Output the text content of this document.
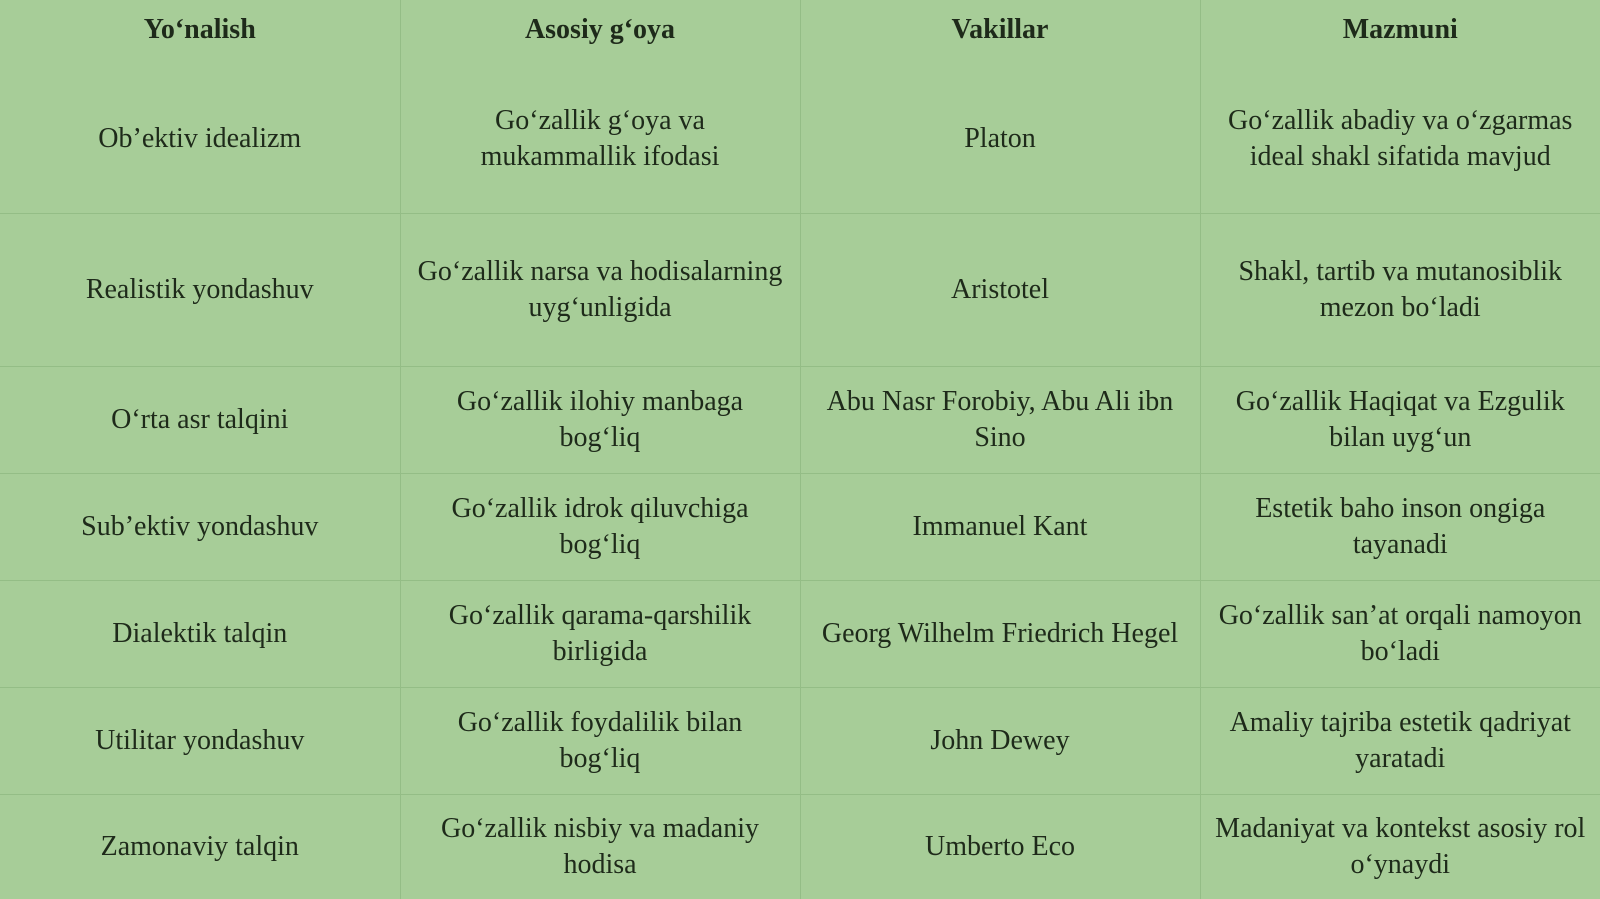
Yo‘nalish	Asosiy g‘oya	Vakillar	Mazmuni
Ob’ektiv idealizm	Go‘zallik g‘oya va mukammallik ifodasi	Platon	Go‘zallik abadiy va o‘zgarmas ideal shakl sifatida mavjud
Realistik yondashuv	Go‘zallik narsa va hodisalarning uyg‘unligida	Aristotel	Shakl, tartib va mutanosiblik mezon bo‘ladi
O‘rta asr talqini	Go‘zallik ilohiy manbaga bog‘liq	Abu Nasr Forobiy, Abu Ali ibn Sino	Go‘zallik Haqiqat va Ezgulik bilan uyg‘un
Sub’ektiv yondashuv	Go‘zallik idrok qiluvchiga bog‘liq	Immanuel Kant	Estetik baho inson ongiga tayanadi
Dialektik talqin	Go‘zallik qarama-qarshilik birligida	Georg Wilhelm Friedrich Hegel	Go‘zallik san’at orqali namoyon bo‘ladi
Utilitar yondashuv	Go‘zallik foydalilik bilan bog‘liq	John Dewey	Amaliy tajriba estetik qadriyat yaratadi
Zamonaviy talqin	Go‘zallik nisbiy va madaniy hodisa	Umberto Eco	Madaniyat va kontekst asosiy rol o‘ynaydi
